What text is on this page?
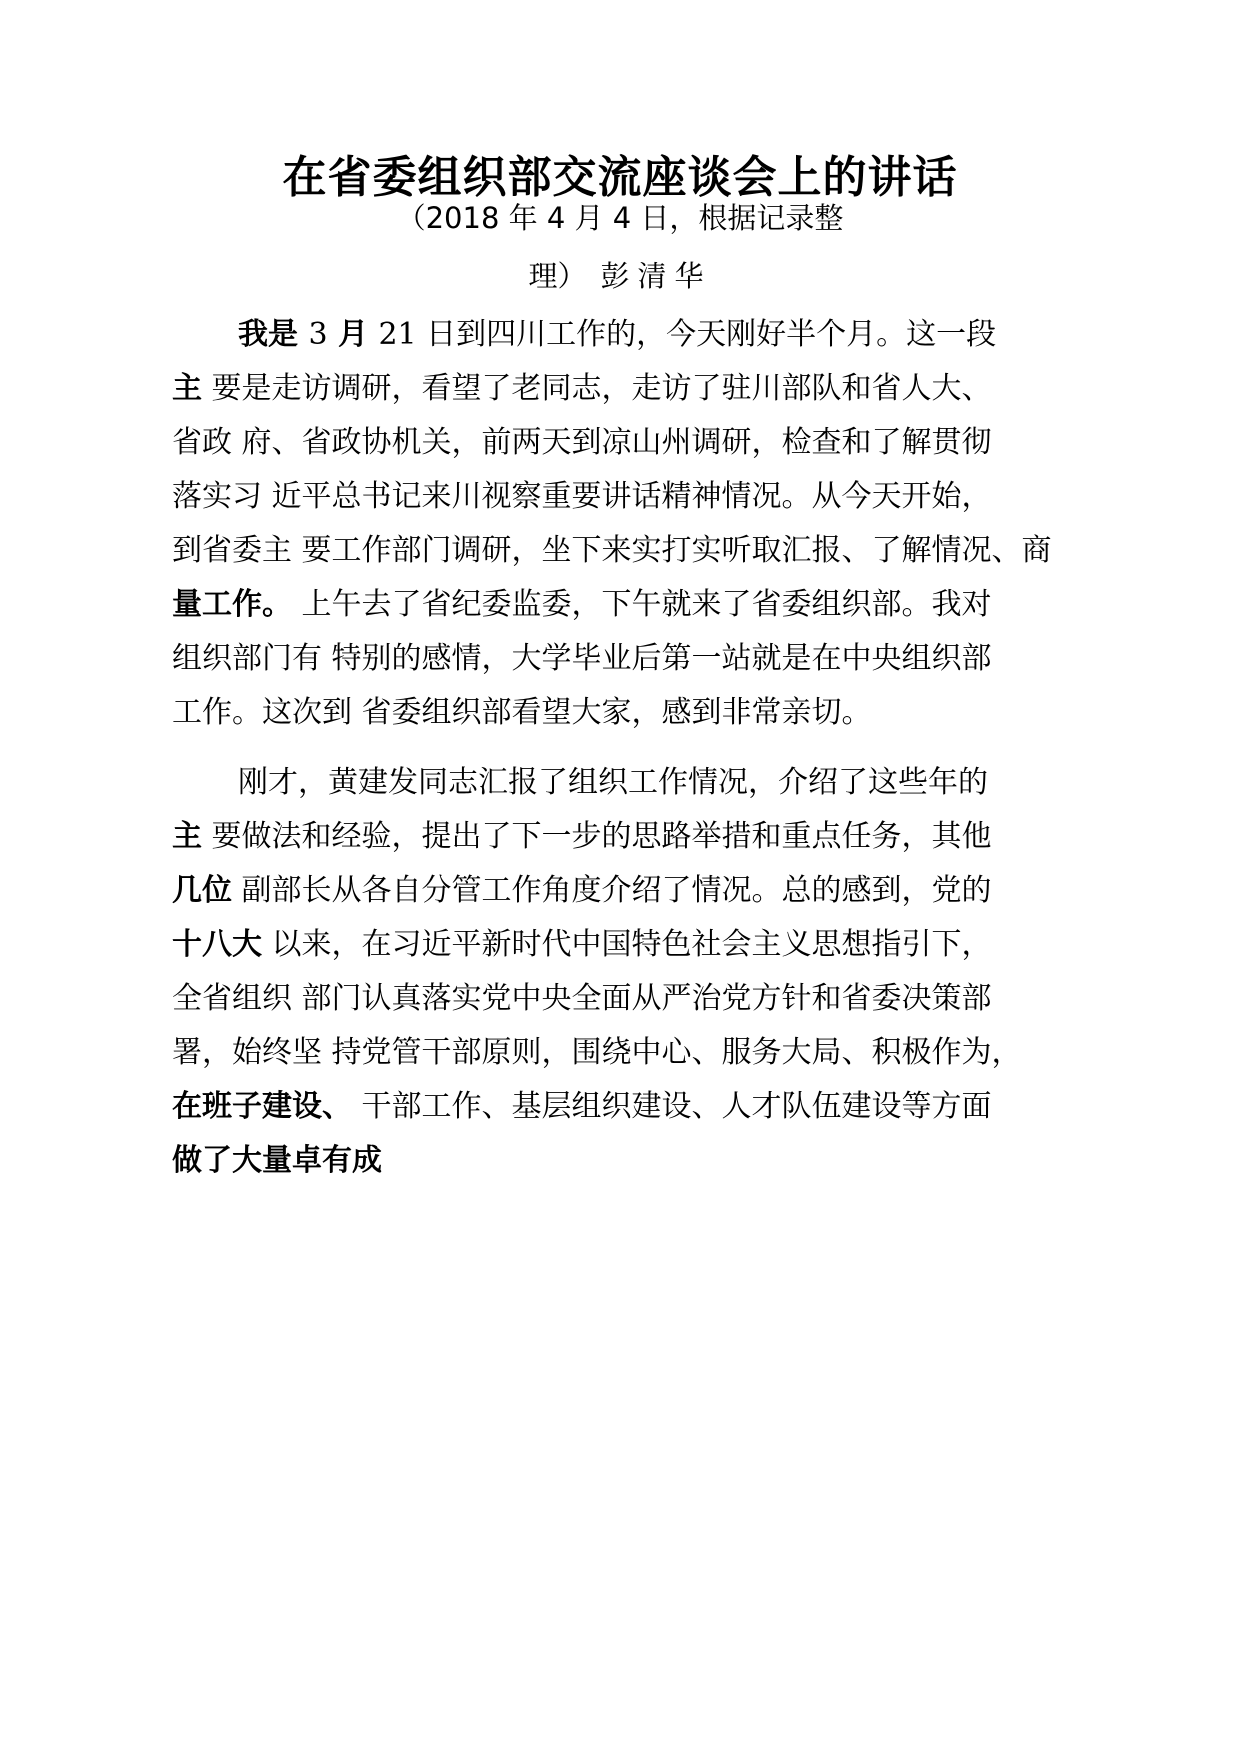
在省委组织部交流座谈会上的讲话
（2018 年 4 月 4 日，根据记录整
理） 彭清华
我是 3 月 21 日到四川工作的，今天刚好半个月。这一段
主 要是走访调研，看望了老同志，走访了驻川部队和省人大、
省政 府、省政协机关，前两天到凉山州调研，检查和了解贯彻
落实习 近平总书记来川视察重要讲话精神情况。从今天开始，
到省委主 要工作部门调研，坐下来实打实听取汇报、了解情况、商
量工作。 上午去了省纪委监委，下午就来了省委组织部。我对
组织部门有 特别的感情，大学毕业后第一站就是在中央组织部
工作。这次到 省委组织部看望大家，感到非常亲切。
刚才，黄建发同志汇报了组织工作情况，介绍了这些年的
主 要做法和经验，提出了下一步的思路举措和重点任务，其他
几位 副部长从各自分管工作角度介绍了情况。总的感到，党的
十八大 以来，在习近平新时代中国特色社会主义思想指引下，
全省组织 部门认真落实党中央全面从严治党方针和省委决策部
署，始终坚 持党管干部原则，围绕中心、服务大局、积极作为，
在班子建设、 干部工作、基层组织建设、人才队伍建设等方面
做了大量卓有成
